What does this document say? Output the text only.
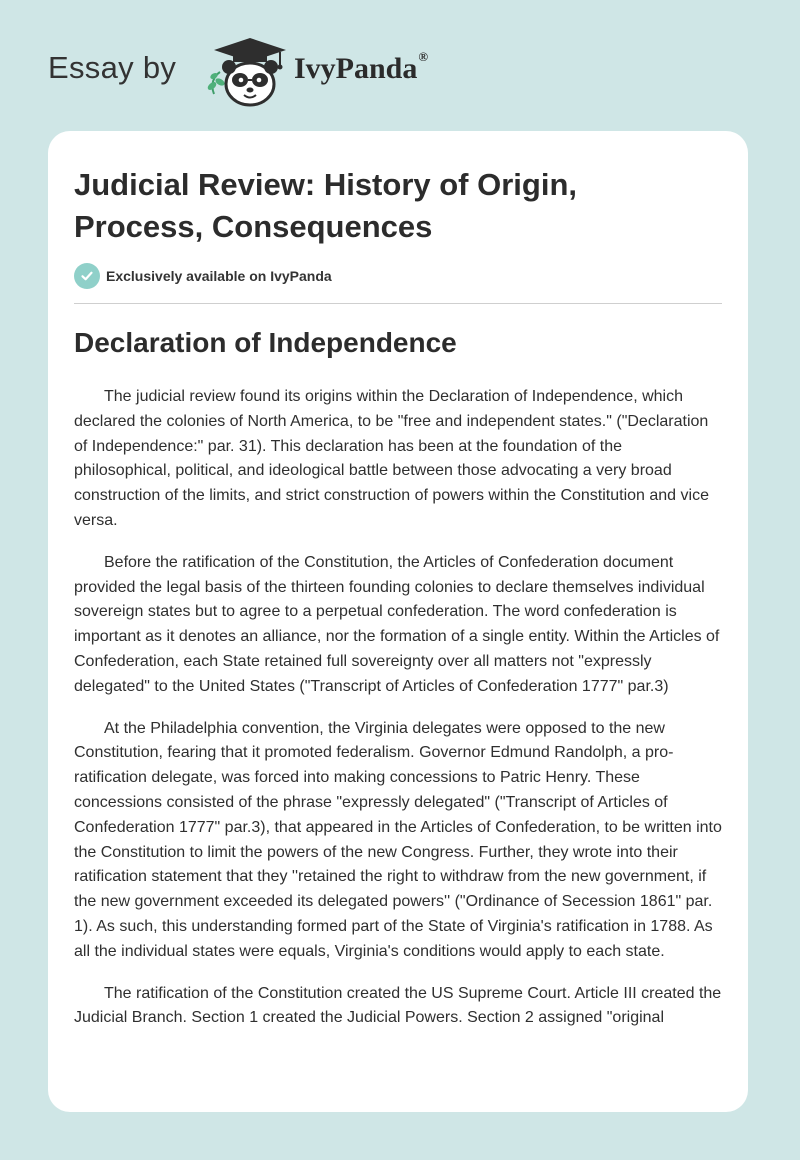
Essay by	IvyPanda®
Judicial Review: History of Origin, Process, Consequences
Exclusively available on IvyPanda
Declaration of Independence

The judicial review found its origins within the Declaration of Independence, which declared the colonies of North America, to be "free and independent states." ("Declaration of Independence:" par. 31). This declaration has been at the foundation of the philosophical, political, and ideological battle between those advocating a very broad construction of the limits, and strict construction of powers within the Constitution and vice versa.

Before the ratification of the Constitution, the Articles of Confederation document provided the legal basis of the thirteen founding colonies to declare themselves individual sovereign states but to agree to a perpetual confederation. The word confederation is important as it denotes an alliance, nor the formation of a single entity. Within the Articles of Confederation, each State retained full sovereignty over all matters not "expressly delegated" to the United States ("Transcript of Articles of Confederation 1777" par.3)

At the Philadelphia convention, the Virginia delegates were opposed to the new Constitution, fearing that it promoted federalism. Governor Edmund Randolph, a pro-ratification delegate, was forced into making concessions to Patric Henry. These concessions consisted of the phrase "expressly delegated" ("Transcript of Articles of Confederation 1777" par.3), that appeared in the Articles of Confederation, to be written into the Constitution to limit the powers of the new Congress. Further, they wrote into their ratification statement that they ''retained the right to withdraw from the new government, if the new government exceeded its delegated powers'' ("Ordinance of Secession 1861" par. 1). As such, this understanding formed part of the State of Virginia's ratification in 1788. As all the individual states were equals, Virginia's conditions would apply to each state.

The ratification of the Constitution created the US Supreme Court. Article III created the Judicial Branch. Section 1 created the Judicial Powers. Section 2 assigned "original
